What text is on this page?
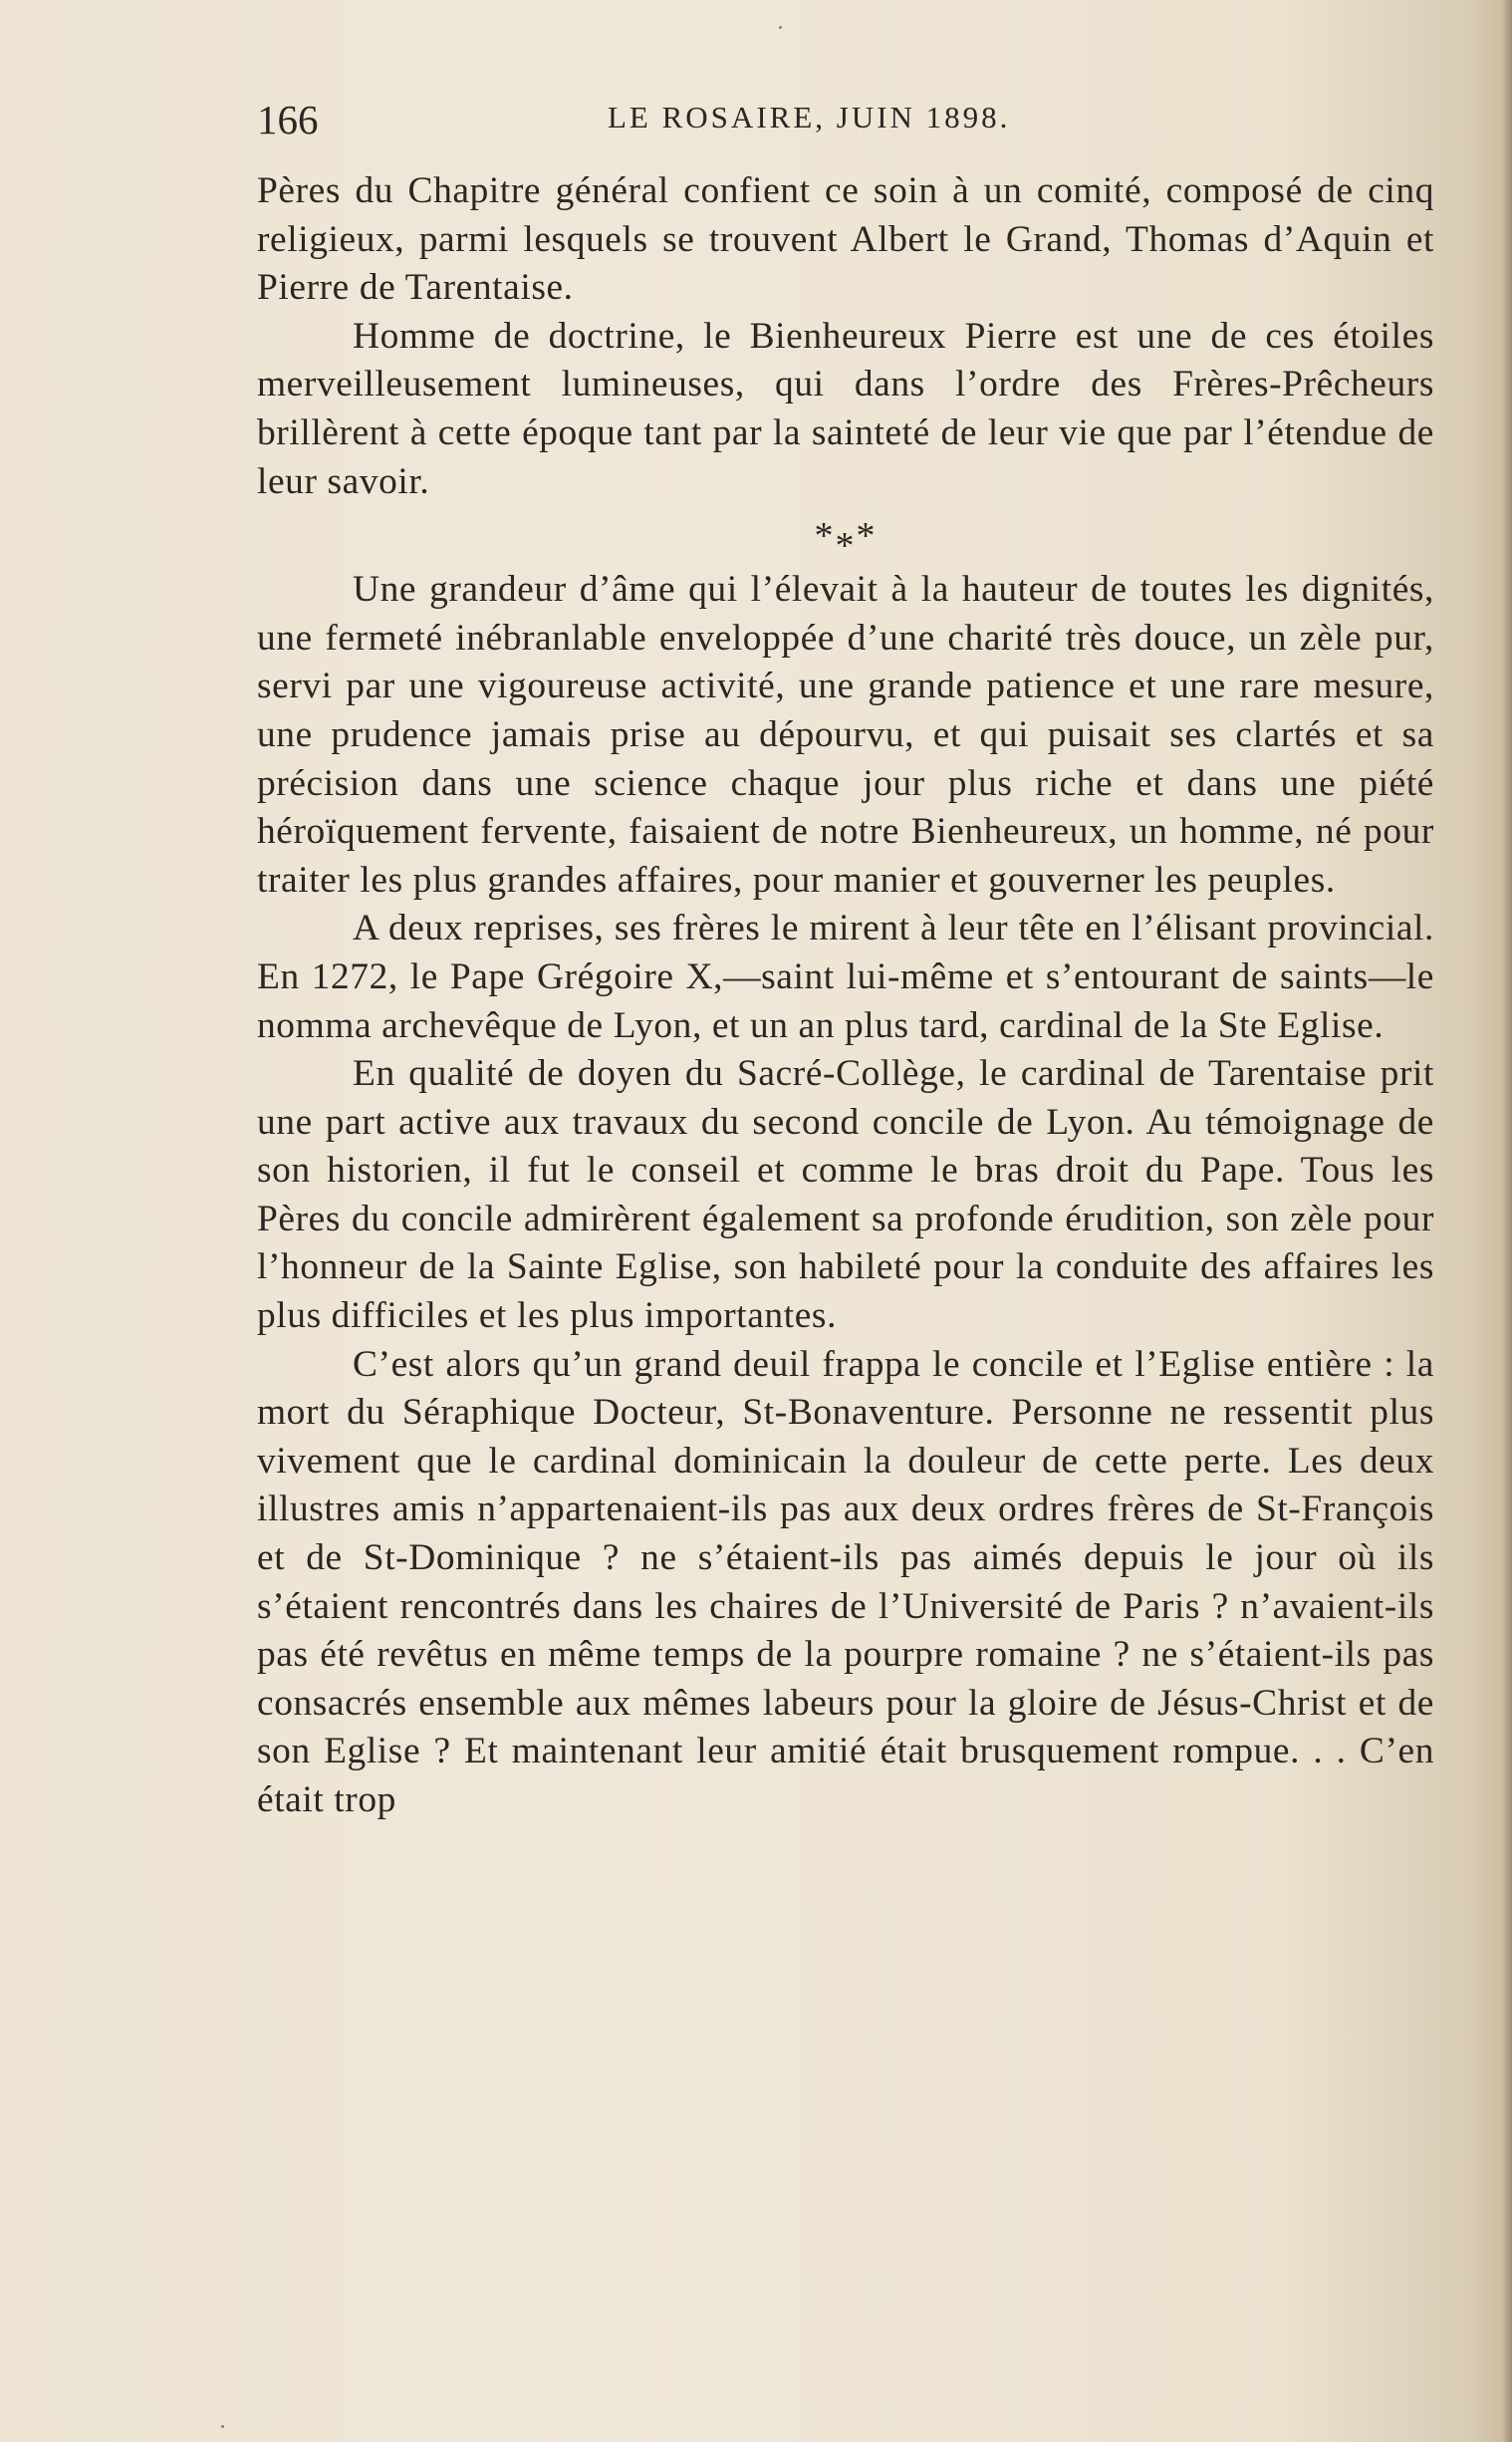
166	LE ROSAIRE, JUIN 1898.

Pères du Chapitre général confient ce soin à un comité, composé de cinq religieux, parmi lesquels se trouvent Albert le Grand, Thomas d’Aquin et Pierre de Tarentaise.

Homme de doctrine, le Bienheureux Pierre est une de ces étoiles merveilleusement lumineuses, qui dans l’ordre des Frères-Prêcheurs brillèrent à cette époque tant par la sainteté de leur vie que par l’étendue de leur savoir.

***

Une grandeur d’âme qui l’élevait à la hauteur de toutes les dignités, une fermeté inébranlable enveloppée d’une charité très douce, un zèle pur, servi par une vigoureuse activité, une grande patience et une rare mesure, une prudence jamais prise au dépourvu, et qui puisait ses clartés et sa précision dans une science chaque jour plus riche et dans une piété héroïquement fervente, faisaient de notre Bienheureux, un homme, né pour traiter les plus grandes affaires, pour manier et gouverner les peuples.

A deux reprises, ses frères le mirent à leur tête en l’élisant provincial. En 1272, le Pape Grégoire X,—saint lui-même et s’entourant de saints—le nomma archevêque de Lyon, et un an plus tard, cardinal de la Ste Eglise.

En qualité de doyen du Sacré-Collège, le cardinal de Tarentaise prit une part active aux travaux du second concile de Lyon. Au témoignage de son historien, il fut le conseil et comme le bras droit du Pape. Tous les Pères du concile admirèrent également sa profonde érudition, son zèle pour l’honneur de la Sainte Eglise, son habileté pour la conduite des affaires les plus difficiles et les plus importantes.

C’est alors qu’un grand deuil frappa le concile et l’Eglise entière : la mort du Séraphique Docteur, St-Bonaventure. Personne ne ressentit plus vivement que le cardinal dominicain la douleur de cette perte. Les deux illustres amis n’appartenaient-ils pas aux deux ordres frères de St-François et de St-Dominique ? ne s’étaient-ils pas aimés depuis le jour où ils s’étaient rencontrés dans les chaires de l’Université de Paris ? n’avaient-ils pas été revêtus en même temps de la pourpre romaine ? ne s’étaient-ils pas consacrés ensemble aux mêmes labeurs pour la gloire de Jésus-Christ et de son Eglise ? Et maintenant leur amitié était brusquement rompue. . . C’en était trop
